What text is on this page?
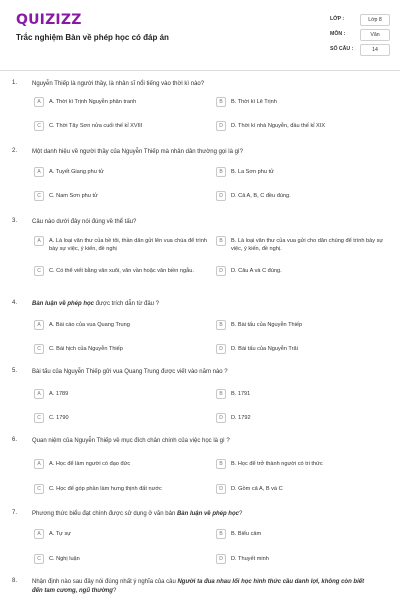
QUIZIZZ
Trắc nghiệm Bàn về phép học có đáp án
LỚP :	Lớp 8
MÔN :	Văn
SỐ CÂU :	14
1. Nguyễn Thiếp là người thầy, là nhân sĩ nổi tiếng vào thời kì nào?
A	A. Thời kì Trịnh Nguyễn phân tranh	B	B. Thời kì Lê Trịnh
C	C. Thời Tây Sơn nửa cuối thế kỉ XVIII	D	D. Thời kì nhà Nguyễn, đầu thế kỉ XIX
2. Một danh hiệu về người thầy của Nguyễn Thiếp mà nhân dân thường gọi là gì?
A	A. Tuyết Giang phu tử	B	B. La Sơn phu tử
C	C. Nam Sơn phu tử	D	D. Cả A, B, C đều đúng.
3. Câu nào dưới đây nói đúng về thể tấu?
A	A. Là loại văn thư của bề tôi, thần dân gửi lên vua chúa để trình bày sự việc, ý kiến, đề nghị
B	B. Là loại văn thư của vua gửi cho dân chúng để trình bày sự việc, ý kiến, đề nghị.
C	C. Có thể viết bằng văn xuôi, văn vần hoặc văn biền ngẫu.	D	D. Câu A và C đúng.
4. Bàn luận về phép học được trích dẫn từ đâu ?
A	A. Bài cáo của vua Quang Trung	B	B. Bài tấu của Nguyễn Thiếp
C	C. Bài hịch của Nguyễn Thiếp	D	D. Bài tấu của Nguyễn Trãi
5. Bài tấu của Nguyễn Thiếp gửi vua Quang Trung được viết vào năm nào ?
A	A. 1789	B	B. 1791
C	C. 1790	D	D. 1792
6. Quan niệm của Nguyễn Thiếp về mục đích chân chính của việc học là gì ?
A	A. Học để làm người có đạo đức	B	B. Học để trở thành người có tri thức
C	C. Học để góp phần làm hưng thịnh đất nước	D	D. Gồm cả A, B và C
7. Phương thức biểu đạt chính được sử dụng ở văn bản Bàn luận về phép học?
A	A. Tự sự	B	B. Biểu cảm
C	C. Nghị luận	D	D. Thuyết minh
8. Nhận định nào sau đây nói đúng nhất ý nghĩa của câu Người ta đua nhau lối học hình thức cầu danh lợi, không còn biết đến tam cương, ngũ thường?
